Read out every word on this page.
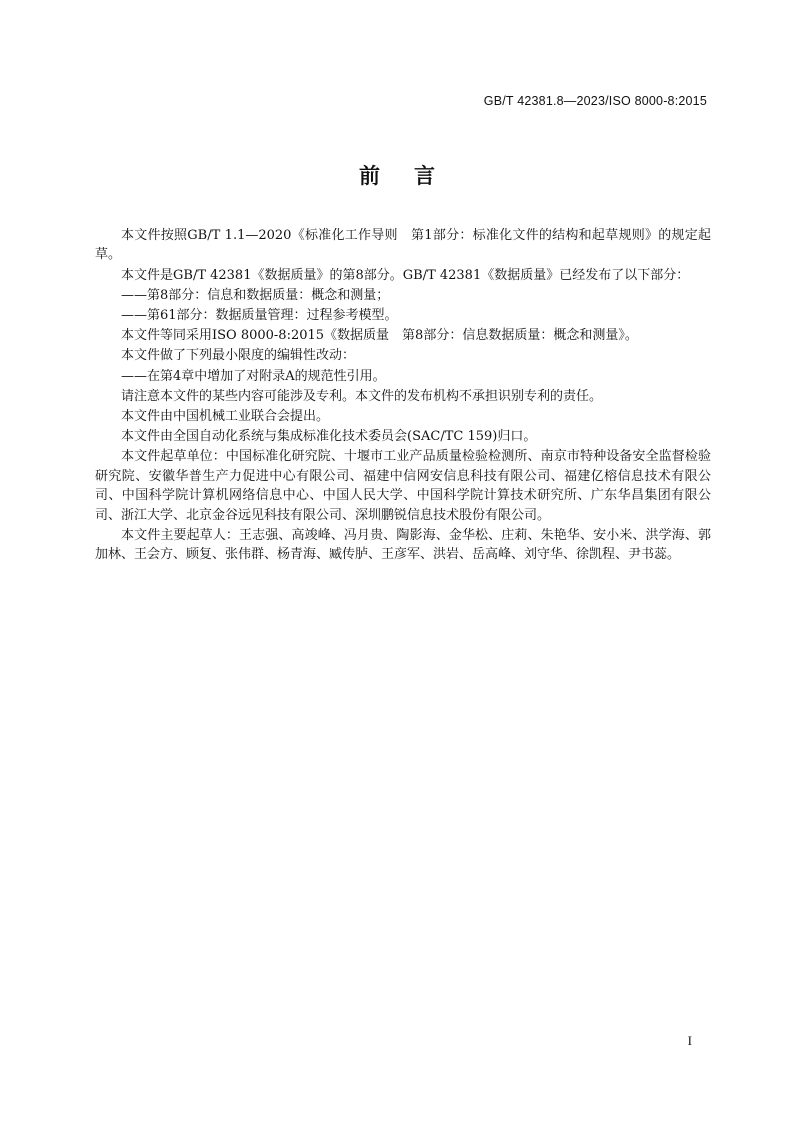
GB/T 42381.8—2023/ISO 8000-8:2015
前言

本文件按照GB/T 1.1—2020《标准化工作导则　第1部分：标准化文件的结构和起草规则》的规定起草。

本文件是GB/T 42381《数据质量》的第8部分。GB/T 42381《数据质量》已经发布了以下部分：

——第8部分：信息和数据质量：概念和测量；

——第61部分：数据质量管理：过程参考模型。

本文件等同采用ISO 8000-8:2015《数据质量　第8部分：信息数据质量：概念和测量》。

本文件做了下列最小限度的编辑性改动：

——在第4章中增加了对附录A的规范性引用。

请注意本文件的某些内容可能涉及专利。本文件的发布机构不承担识别专利的责任。

本文件由中国机械工业联合会提出。

本文件由全国自动化系统与集成标准化技术委员会(SAC/TC 159)归口。

本文件起草单位：中国标准化研究院、十堰市工业产品质量检验检测所、南京市特种设备安全监督检验研究院、安徽华普生产力促进中心有限公司、福建中信网安信息科技有限公司、福建亿榕信息技术有限公司、中国科学院计算机网络信息中心、中国人民大学、中国科学院计算技术研究所、广东华昌集团有限公司、浙江大学、北京金谷远见科技有限公司、深圳鹏锐信息技术股份有限公司。

本文件主要起草人：王志强、高竣峰、冯月贵、陶影海、金华松、庄莉、朱艳华、安小米、洪学海、郭加林、王会方、顾复、张伟群、杨青海、臧传胪、王彦军、洪岩、岳高峰、刘守华、徐凯程、尹书蕊。

I
